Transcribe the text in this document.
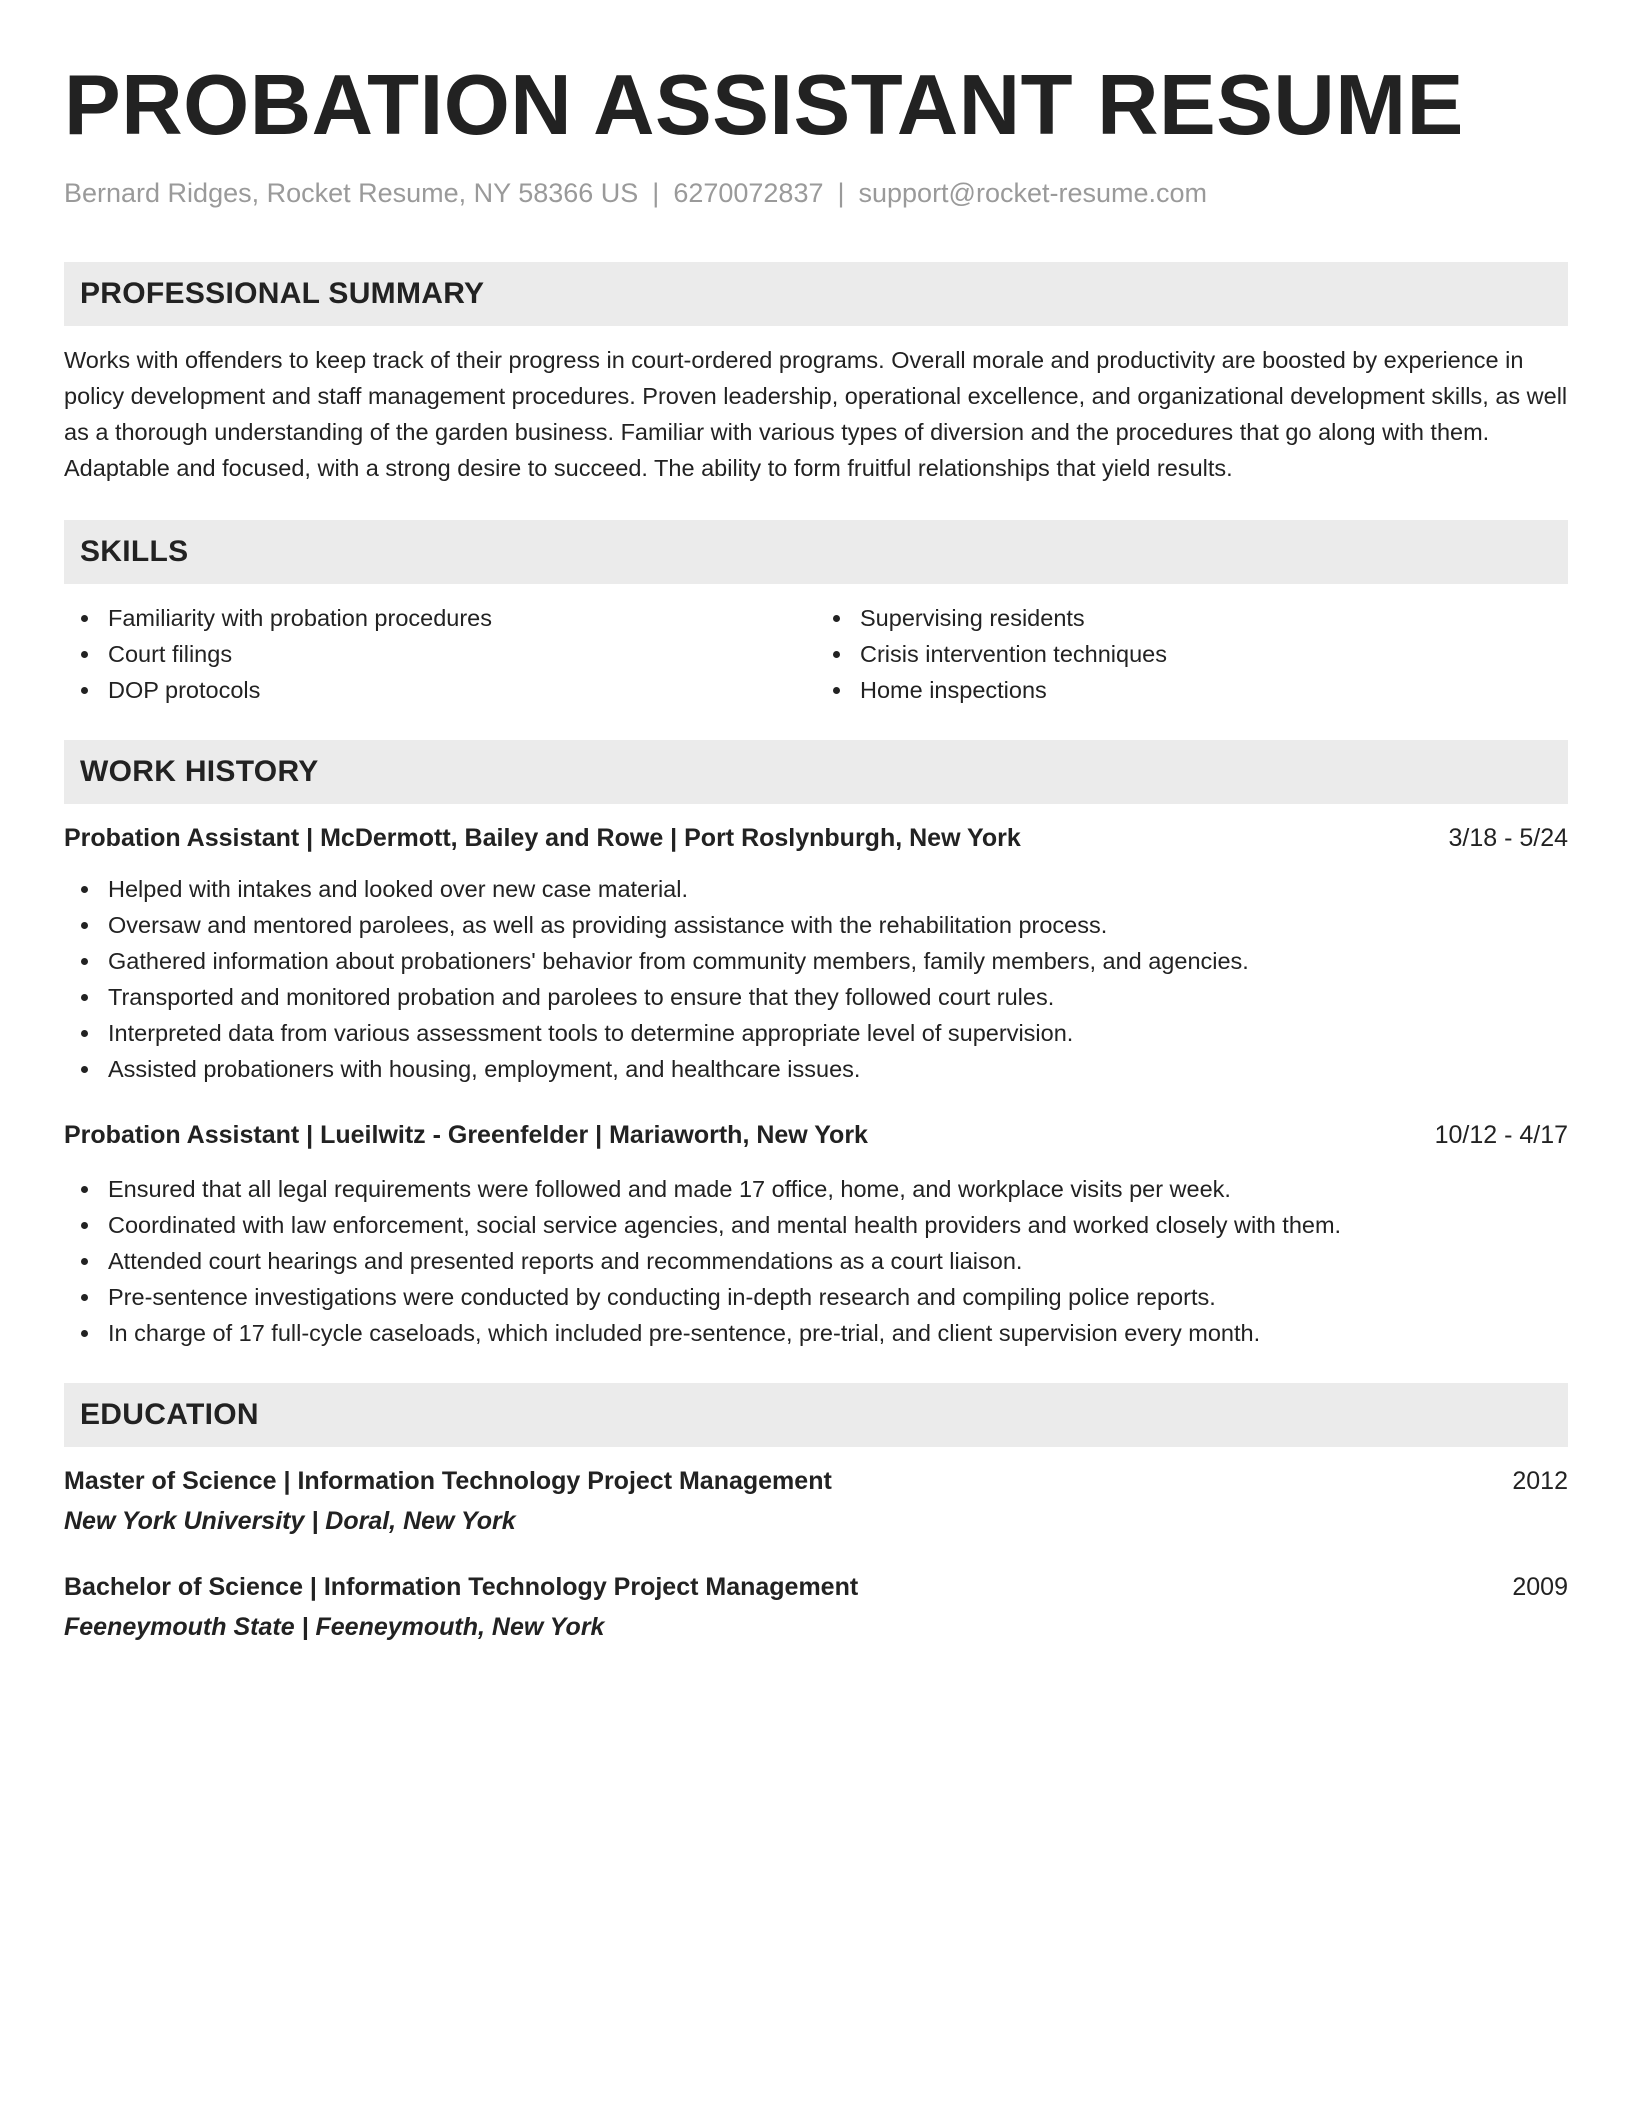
PROBATION ASSISTANT RESUME
Bernard Ridges, Rocket Resume, NY 58366 US | 6270072837 | support@rocket-resume.com
PROFESSIONAL SUMMARY

Works with offenders to keep track of their progress in court-ordered programs. Overall morale and productivity are boosted by experience in policy development and staff management procedures. Proven leadership, operational excellence, and organizational development skills, as well as a thorough understanding of the garden business. Familiar with various types of diversion and the procedures that go along with them. Adaptable and focused, with a strong desire to succeed. The ability to form fruitful relationships that yield results.

SKILLS
Familiarity with probation procedures
Court filings
DOP protocols
Supervising residents
Crisis intervention techniques
Home inspections
WORK HISTORY
Probation Assistant | McDermott, Bailey and Rowe | Port Roslynburgh, New York	3/18 - 5/24
Helped with intakes and looked over new case material.
Oversaw and mentored parolees, as well as providing assistance with the rehabilitation process.
Gathered information about probationers' behavior from community members, family members, and agencies.
Transported and monitored probation and parolees to ensure that they followed court rules.
Interpreted data from various assessment tools to determine appropriate level of supervision.
Assisted probationers with housing, employment, and healthcare issues.
Probation Assistant | Lueilwitz - Greenfelder | Mariaworth, New York	10/12 - 4/17
Ensured that all legal requirements were followed and made 17 office, home, and workplace visits per week.
Coordinated with law enforcement, social service agencies, and mental health providers and worked closely with them.
Attended court hearings and presented reports and recommendations as a court liaison.
Pre-sentence investigations were conducted by conducting in-depth research and compiling police reports.
In charge of 17 full-cycle caseloads, which included pre-sentence, pre-trial, and client supervision every month.
EDUCATION
Master of Science | Information Technology Project Management	2012
New York University | Doral, New York
Bachelor of Science | Information Technology Project Management	2009
Feeneymouth State | Feeneymouth, New York
